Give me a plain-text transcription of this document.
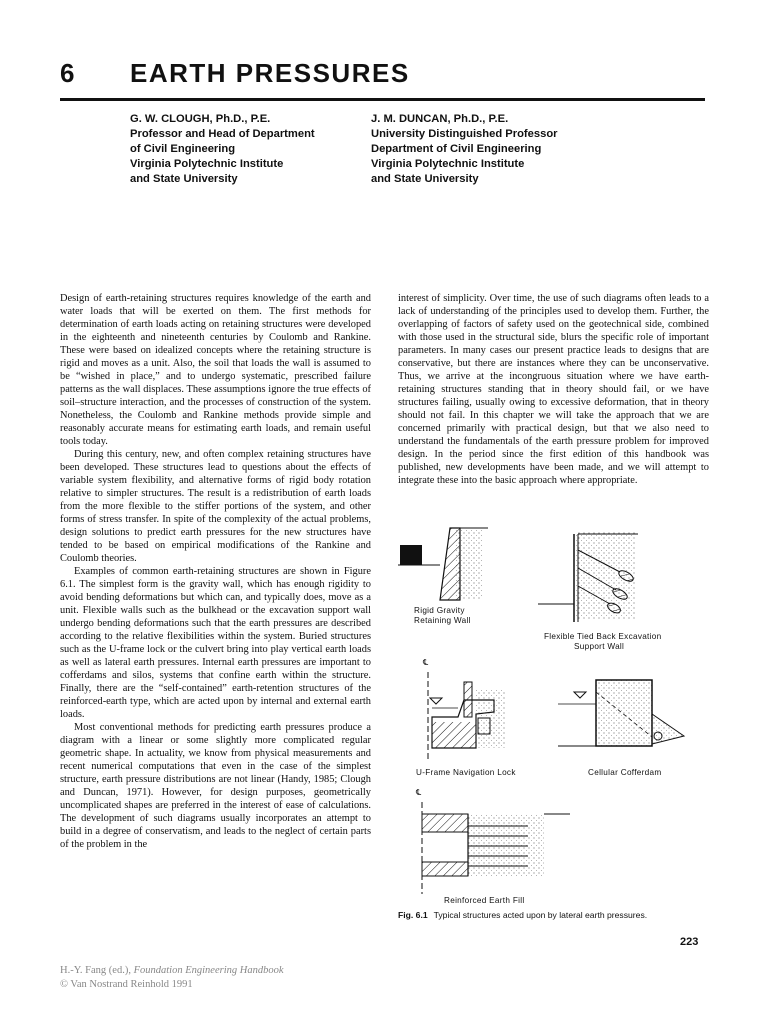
6 EARTH PRESSURES
G. W. CLOUGH, Ph.D., P.E.
Professor and Head of Department
of Civil Engineering
Virginia Polytechnic Institute
and State University
J. M. DUNCAN, Ph.D., P.E.
University Distinguished Professor
Department of Civil Engineering
Virginia Polytechnic Institute
and State University

Design of earth-retaining structures requires knowledge of the earth and water loads that will be exerted on them. The first methods for determination of earth loads acting on retaining structures were developed in the eighteenth and nineteenth centuries by Coulomb and Rankine. These were based on idealized concepts where the retaining structure is rigid and moves as a unit. Also, the soil that loads the wall is assumed to be “wished in place,” and to undergo systematic, prescribed failure patterns as the wall displaces. These assumptions ignore the true effects of soil–structure interaction, and the processes of construction of the system. Nonetheless, the Coulomb and Rankine methods provide simple and reasonably accurate means for estimating earth loads, and remain useful tools today.

During this century, new, and often complex retaining structures have been developed. These structures lead to questions about the effects of variable system flexibility, and alternative forms of rigid body rotation relative to simpler structures. The result is a redistribution of earth loads from the more flexible to the stiffer portions of the system, and other forms of stress transfer. In spite of the complexity of the actual problems, design solutions to predict earth pressures for the new structures have tended to be based on empirical modifications of the Rankine and Coulomb theories.

Examples of common earth-retaining structures are shown in Figure 6.1. The simplest form is the gravity wall, which has enough rigidity to avoid bending deformations but which can, and typically does, move as a unit. Flexible walls such as the bulkhead or the excavation support wall undergo bending deformations such that the earth pressures are described according to the relative flexibilities within the system. Buried structures such as the U-frame lock or the culvert bring into play vertical earth loads as well as lateral earth pressures. Internal earth pressures are important to cofferdams and silos, systems that confine earth within the structure. Finally, there are the “self-contained” earth-retention structures of the reinforced-earth type, which are acted upon by internal and external earth loads.

Most conventional methods for predicting earth pressures produce a diagram with a linear or some slightly more complicated regular geometric shape. In actuality, we know from physical measurements and recent numerical computations that even in the case of the simplest structure, earth pressure distributions are not linear (Handy, 1985; Clough and Duncan, 1971). However, for design purposes, geometrically uncomplicated shapes are preferred in the interest of ease of calculations. The development of such diagrams usually incorporates an attempt to build in a degree of conservatism, and leads to the neglect of certain parts of the problem in the

interest of simplicity. Over time, the use of such diagrams often leads to a lack of understanding of the principles used to develop them. Further, the overlapping of factors of safety used on the geotechnical side, combined with those used in the structural side, blurs the specific role of important parameters. In many cases our present practice leads to designs that are conservative, but there are instances where they can be unconservative. Thus, we arrive at the incongruous situation where we have earth-retaining structures standing that in theory should fail, or we have structures failing, usually owing to excessive deformation, that in theory should not fail. In this chapter we will take the approach that we are concerned primarily with practical design, but that we also need to understand the fundamentals of the earth pressure problem for improved design. In the period since the first edition of this handbook was published, new developments have been made, and we will attempt to integrate these into the basic approach where appropriate.

Rigid Gravity
Retaining Wall
Flexible Tied Back Excavation
Support Wall
℄
U-Frame Navigation Lock	Cellular Cofferdam
℄
Reinforced Earth Fill
Fig. 6.1 Typical structures acted upon by lateral earth pressures.
223
H.-Y. Fang (ed.), Foundation Engineering Handbook
© Van Nostrand Reinhold 1991
